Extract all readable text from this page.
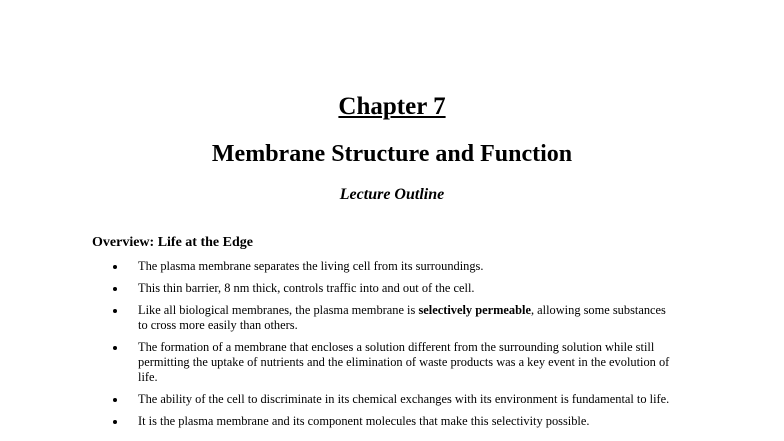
Chapter 7
Membrane Structure and Function
Lecture Outline
Overview: Life at the Edge
The plasma membrane separates the living cell from its surroundings.
This thin barrier, 8 nm thick, controls traffic into and out of the cell.
Like all biological membranes, the plasma membrane is selectively permeable, allowing some substances to cross more easily than others.
The formation of a membrane that encloses a solution different from the surrounding solution while still permitting the uptake of nutrients and the elimination of waste products was a key event in the evolution of life.
The ability of the cell to discriminate in its chemical exchanges with its environment is fundamental to life.
It is the plasma membrane and its component molecules that make this selectivity possible.
